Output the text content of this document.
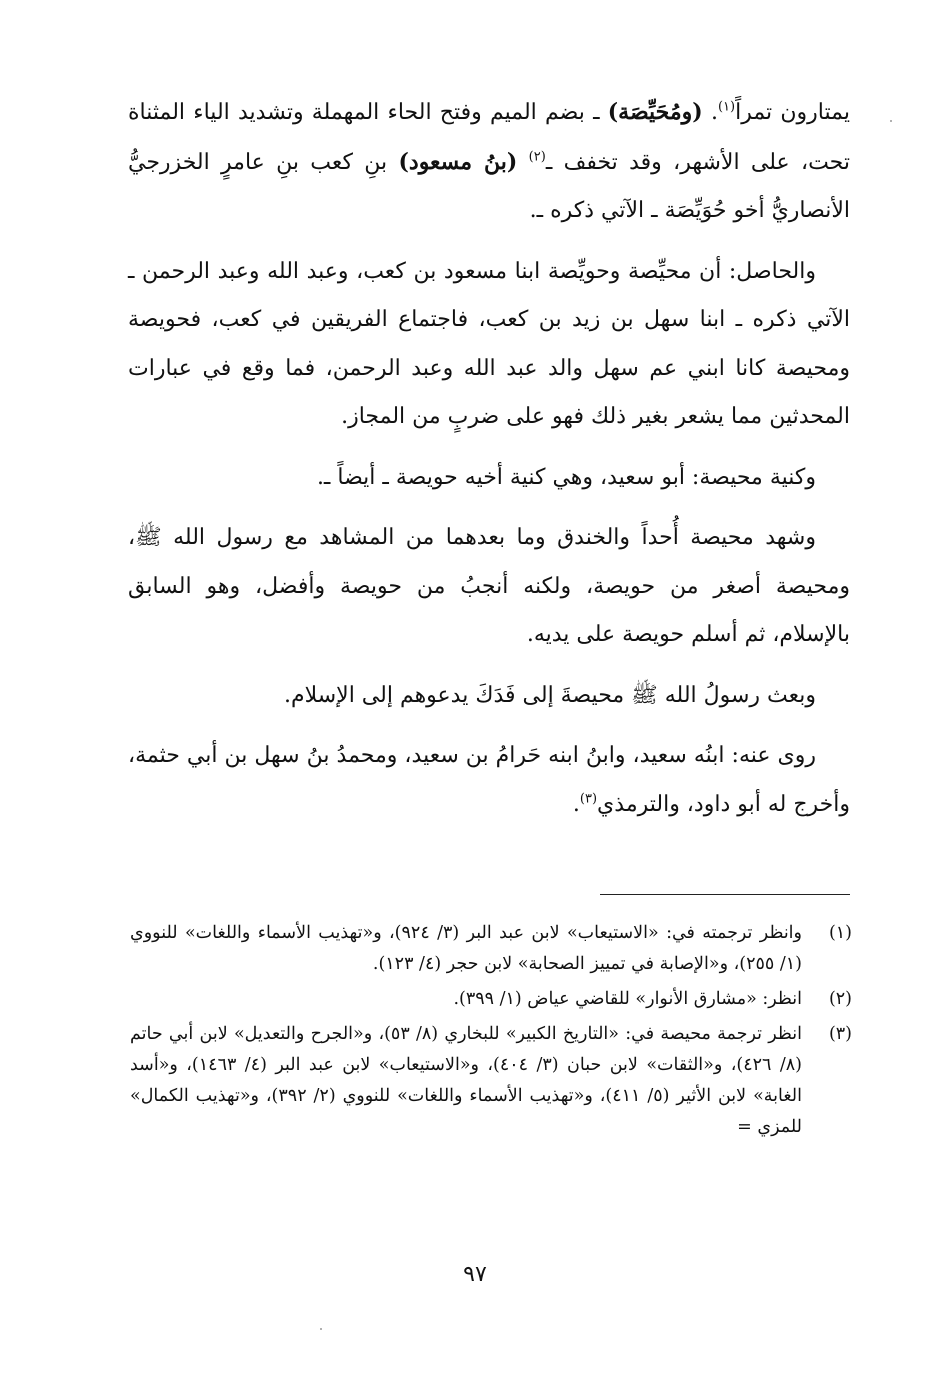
يمتارون تمراً$^{(١)}$. (ومُحَيِّصَة) ـ بضم الميم وفتح الحاء المهملة وتشديد الياء المثناة تحت، على الأشهر، وقد تخفف ـ$^{(٢)}$ (بنُ مسعود) بنِ كعب بنِ عامرٍ الخزرجيُّ الأنصاريُّ أخو حُوَيِّصَة ـ الآتي ذكره ـ.

والحاصل: أن محيِّصة وحويِّصة ابنا مسعود بن كعب، وعبد الله وعبد الرحمن ـ الآتي ذكره ـ ابنا سهل بن زيد بن كعب، فاجتماع الفريقين في كعب، فحويصة ومحيصة كانا ابني عم سهل والد عبد الله وعبد الرحمن، فما وقع في عبارات المحدثين مما يشعر بغير ذلك فهو على ضربٍ من المجاز.

وكنية محيصة: أبو سعيد، وهي كنية أخيه حويصة ـ أيضاً ـ.

وشهد محيصة أُحداً والخندق وما بعدهما من المشاهد مع رسول الله ﷺ، ومحيصة أصغر من حويصة، ولكنه أنجبُ من حويصة وأفضل، وهو السابق بالإسلام، ثم أسلم حويصة على يديه.

وبعث رسولُ الله ﷺ محيصةَ إلى فَدَكَ يدعوهم إلى الإسلام.

روى عنه: ابنُه سعيد، وابنُ ابنه حَرامُ بن سعيد، ومحمدُ بنُ سهل بن أبي حثمة، وأخرج له أبو داود، والترمذي$^{(٣)}$.

(١)
وانظر ترجمته في: «الاستيعاب» لابن عبد البر (٣/ ٩٢٤)، و«تهذيب الأسماء واللغات» للنووي (١/ ٢٥٥)، و«الإصابة في تمييز الصحابة» لابن حجر (٤/ ١٢٣).
(٢)
انظر: «مشارق الأنوار» للقاضي عياض (١/ ٣٩٩).
(٣)
انظر ترجمة محيصة في: «التاريخ الكبير» للبخاري (٨/ ٥٣)، و«الجرح والتعديل» لابن أبي حاتم (٨/ ٤٢٦)، و«الثقات» لابن حبان (٣/ ٤٠٤)، و«الاستيعاب» لابن عبد البر (٤/ ١٤٦٣)، و«أسد الغابة» لابن الأثير (٥/ ٤١١)، و«تهذيب الأسماء واللغات» للنووي (٢/ ٣٩٢)، و«تهذيب الكمال» للمزي =
٩٧
